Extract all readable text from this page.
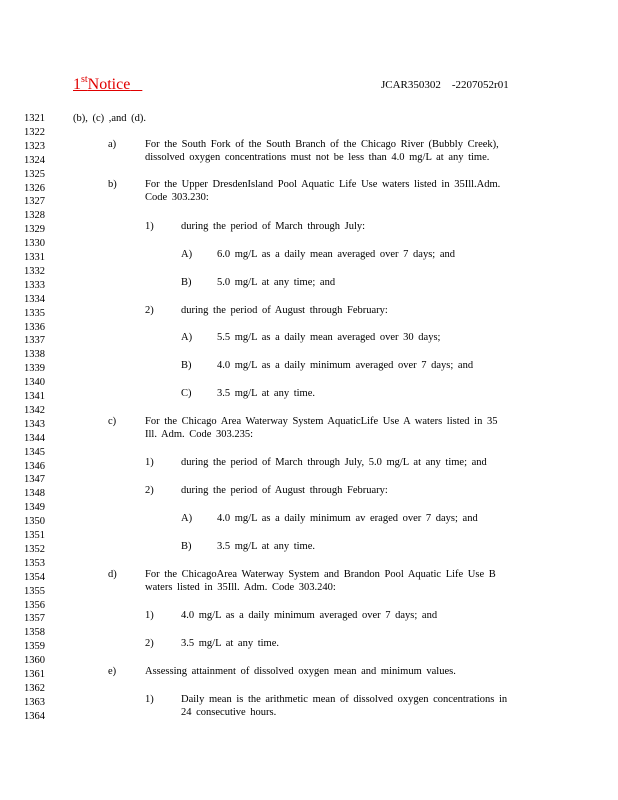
1stNotice	JCAR350302    -2207052r01
1321
1322
1323
1324
1325
1326
1327
1328
1329
1330
1331
1332
1333
1334
1335
1336
1337
1338
1339
1340
1341
1342
1343
1344
1345
1346
1347
1348
1349
1350
1351
1352
1353
1354
1355
1356
1357
1358
1359
1360
1361
1362
1363
1364
(b), (c) ,and (d).
a)	For the South Fork of the South Branch of the Chicago River (Bubbly Creek),
dissolved oxygen concentrations must not be less than 4.0 mg/L at any time.
b)	For the Upper DresdenIsland Pool Aquatic Life Use waters listed in 35Ill.Adm.
Code 303.230:
1)	during the period of March through July:
A) 6.0 mg/L as a daily mean averaged over 7 days; and
B) 5.0 mg/L at any time; and
2)	during the period of August through February:
A) 5.5 mg/L as a daily mean averaged over 30 days;
B) 4.0 mg/L as a daily minimum averaged over 7 days; and
C) 3.5 mg/L at any time.
c)	For the Chicago Area Waterway System AquaticLife Use A waters listed in 35
Ill. Adm. Code 303.235:
1)	during the period of March through July, 5.0 mg/L at any time; and
2)	during the period of August through February:
A) 4.0 mg/L as a daily minimum av eraged over 7 days; and
B) 3.5 mg/L at any time.
d)	For the ChicagoArea Waterway System and Brandon Pool Aquatic Life Use B
waters listed in 35Ill. Adm. Code 303.240:
1)	4.0 mg/L as a daily minimum averaged over 7 days; and
2)	3.5 mg/L at any time.
e)	Assessing attainment of dissolved oxygen mean and minimum values.
1)	Daily mean is the arithmetic mean of dissolved oxygen concentrations in
24 consecutive hours.
